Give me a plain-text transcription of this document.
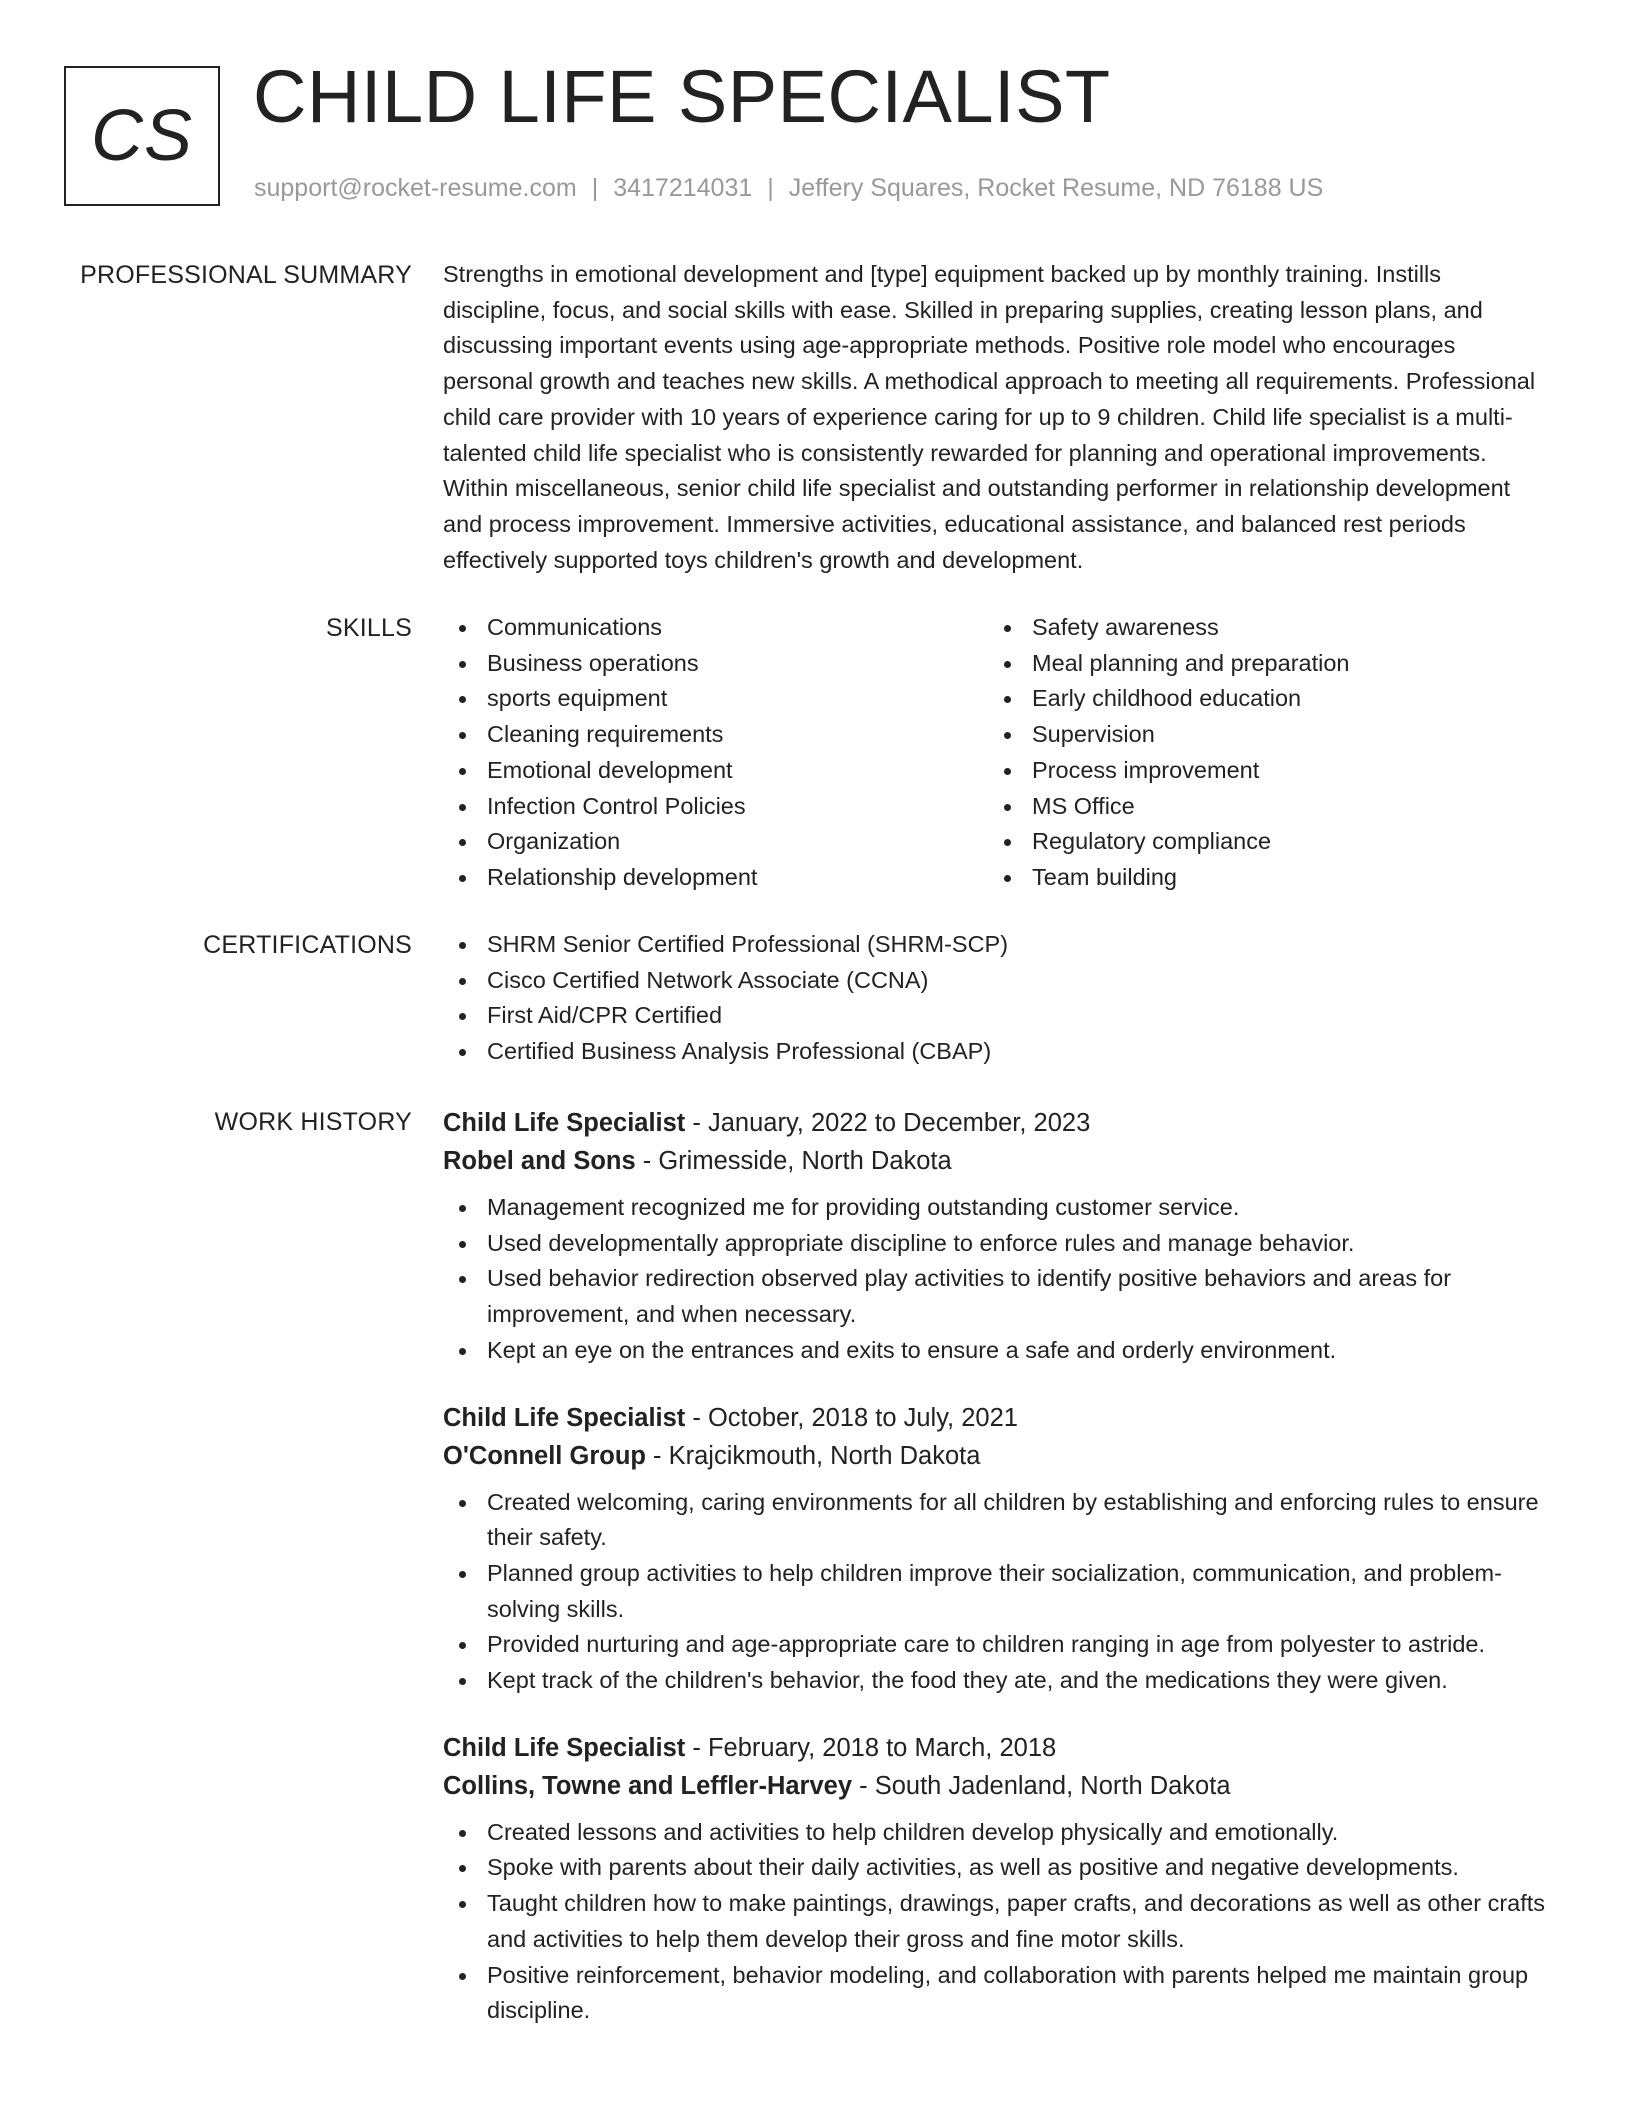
CS CHILD LIFE SPECIALIST
support@rocket-resume.com | 3417214031 | Jeffery Squares, Rocket Resume, ND 76188 US
PROFESSIONAL SUMMARY Strengths in emotional development and [type] equipment backed up by monthly training. Instills discipline, focus, and social skills with ease. Skilled in preparing supplies, creating lesson plans, and discussing important events using age-appropriate methods. Positive role model who encourages personal growth and teaches new skills. A methodical approach to meeting all requirements. Professional child care provider with 10 years of experience caring for up to 9 children. Child life specialist is a multi-talented child life specialist who is consistently rewarded for planning and operational improvements. Within miscellaneous, senior child life specialist and outstanding performer in relationship development and process improvement. Immersive activities, educational assistance, and balanced rest periods effectively supported toys children's growth and development.

SKILLS	Communications
Business operations
sports equipment
Cleaning requirements
Emotional development
Infection Control Policies
Organization
Relationship development
Safety awareness
Meal planning and preparation
Early childhood education
Supervision
Process improvement
MS Office
Regulatory compliance
Team building
CERTIFICATIONS	SHRM Senior Certified Professional (SHRM-SCP)
Cisco Certified Network Associate (CCNA)
First Aid/CPR Certified
Certified Business Analysis Professional (CBAP)
WORK HISTORY Child Life Specialist - January, 2022 to December, 2023
Robel and Sons - Grimesside, North Dakota
Management recognized me for providing outstanding customer service.
Used developmentally appropriate discipline to enforce rules and manage behavior.
Used behavior redirection observed play activities to identify positive behaviors and areas for improvement, and when necessary.
Kept an eye on the entrances and exits to ensure a safe and orderly environment.
Child Life Specialist - October, 2018 to July, 2021
O'Connell Group - Krajcikmouth, North Dakota
Created welcoming, caring environments for all children by establishing and enforcing rules to ensure their safety.
Planned group activities to help children improve their socialization, communication, and problem-solving skills.
Provided nurturing and age-appropriate care to children ranging in age from polyester to astride.
Kept track of the children's behavior, the food they ate, and the medications they were given.
Child Life Specialist - February, 2018 to March, 2018
Collins, Towne and Leffler-Harvey - South Jadenland, North Dakota
Created lessons and activities to help children develop physically and emotionally.
Spoke with parents about their daily activities, as well as positive and negative developments.
Taught children how to make paintings, drawings, paper crafts, and decorations as well as other crafts and activities to help them develop their gross and fine motor skills.
Positive reinforcement, behavior modeling, and collaboration with parents helped me maintain group discipline.
